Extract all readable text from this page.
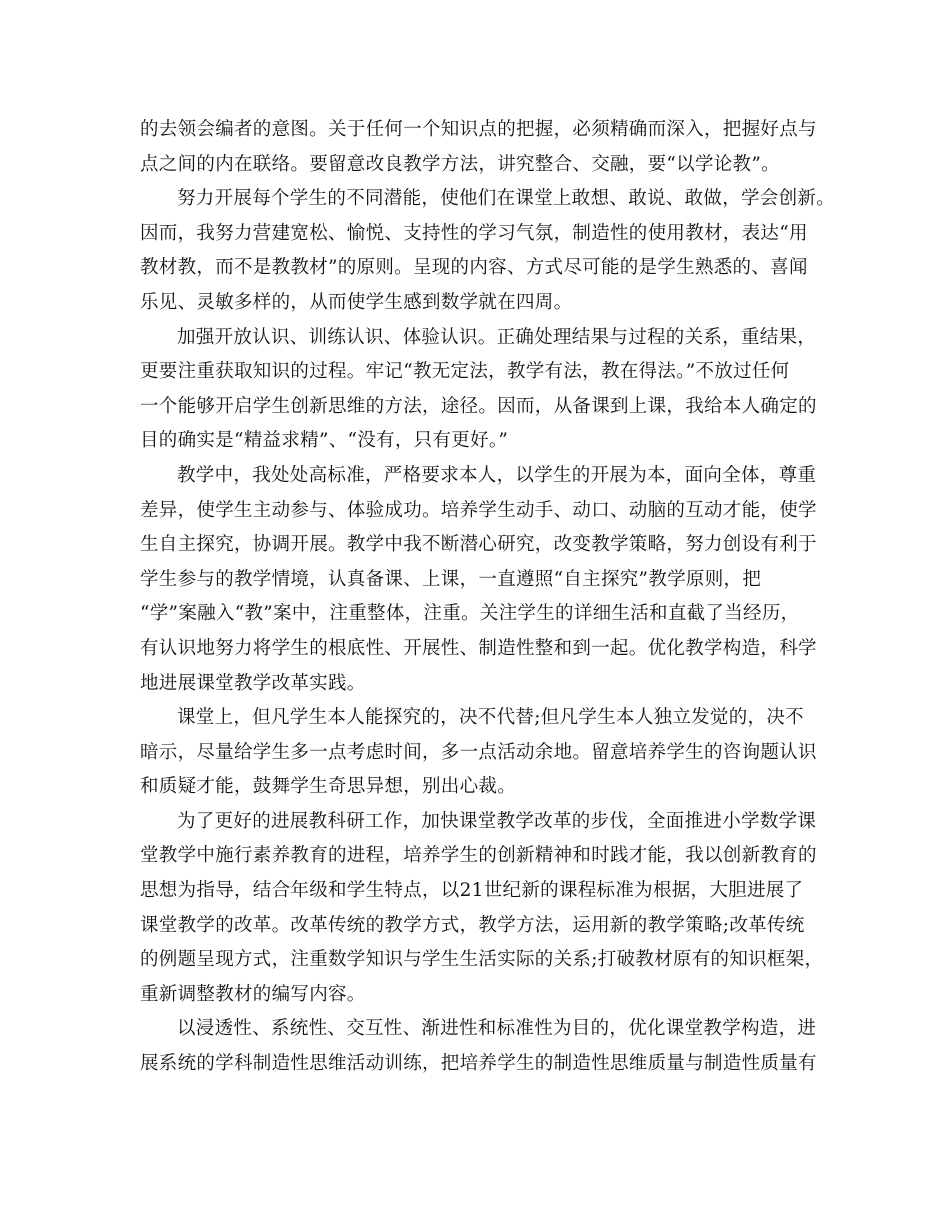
的去领会编者的意图。关于任何一个知识点的把握，必须精确而深入，把握好点与
点之间的内在联络。要留意改良教学方法，讲究整合、交融，要“以学论教”。
努力开展每个学生的不同潜能，使他们在课堂上敢想、敢说、敢做，学会创新。
因而，我努力营建宽松、愉悦、支持性的学习气氛，制造性的使用教材，表达“用
教材教，而不是教教材”的原则。呈现的内容、方式尽可能的是学生熟悉的、喜闻
乐见、灵敏多样的，从而使学生感到数学就在四周。
加强开放认识、训练认识、体验认识。正确处理结果与过程的关系，重结果，
更要注重获取知识的过程。牢记“教无定法，教学有法，教在得法。”不放过任何
一个能够开启学生创新思维的方法，途径。因而，从备课到上课，我给本人确定的
目的确实是“精益求精”、“没有，只有更好。”
教学中，我处处高标准，严格要求本人，以学生的开展为本，面向全体，尊重
差异，使学生主动参与、体验成功。培养学生动手、动口、动脑的互动才能，使学
生自主探究，协调开展。教学中我不断潜心研究，改变教学策略，努力创设有利于
学生参与的教学情境，认真备课、上课，一直遵照“自主探究”教学原则，把
“学”案融入“教”案中，注重整体，注重。关注学生的详细生活和直截了当经历，
有认识地努力将学生的根底性、开展性、制造性整和到一起。优化教学构造，科学
地进展课堂教学改革实践。
课堂上，但凡学生本人能探究的，决不代替;但凡学生本人独立发觉的，决不
暗示，尽量给学生多一点考虑时间，多一点活动余地。留意培养学生的咨询题认识
和质疑才能，鼓舞学生奇思异想，别出心裁。
为了更好的进展教科研工作，加快课堂教学改革的步伐，全面推进小学数学课
堂教学中施行素养教育的进程，培养学生的创新精神和时践才能，我以创新教育的
思想为指导，结合年级和学生特点，以21世纪新的课程标准为根据，大胆进展了
课堂教学的改革。改革传统的教学方式，教学方法，运用新的教学策略;改革传统
的例题呈现方式，注重数学知识与学生生活实际的关系;打破教材原有的知识框架，
重新调整教材的编写内容。
以浸透性、系统性、交互性、渐进性和标准性为目的，优化课堂教学构造，进
展系统的学科制造性思维活动训练，把培养学生的制造性思维质量与制造性质量有
